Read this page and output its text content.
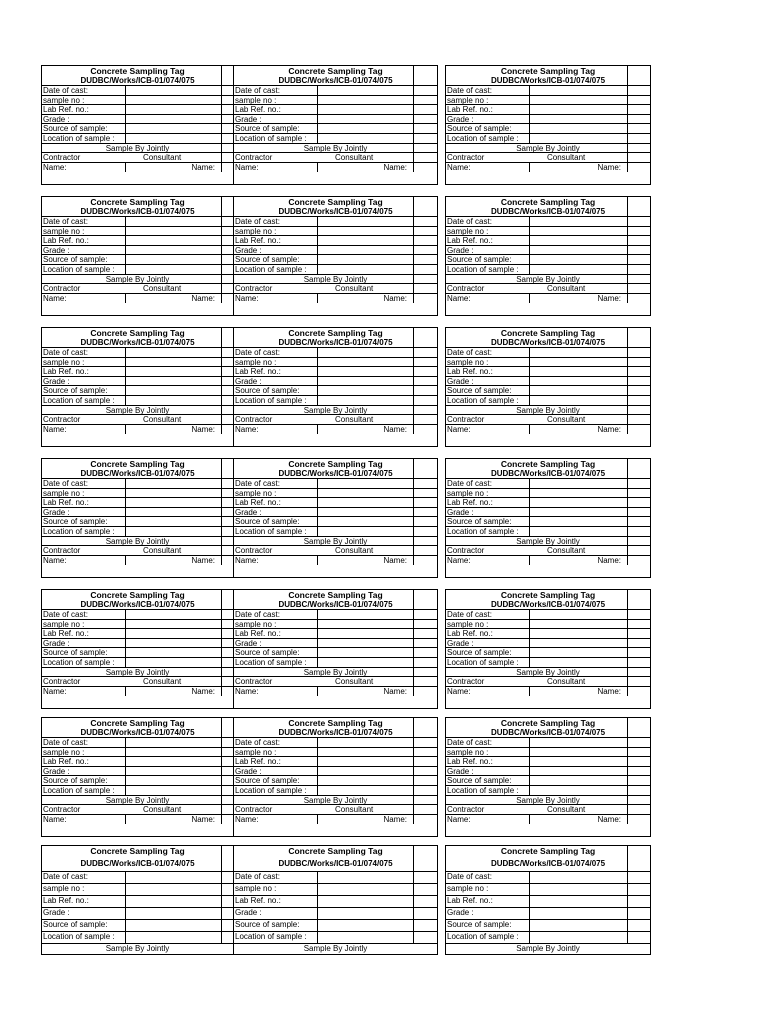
Concrete Sampling Tag
DUDBC/Works/ICB-01/074/075
Date of cast:
sample no :
Lab Ref. no.:
Grade :
Source of sample:
Location of sample :
Sample By Jointly
Contractor	Consultant
Name:	Name:
Concrete Sampling Tag
DUDBC/Works/ICB-01/074/075
Date of cast:
sample no :
Lab Ref. no.:
Grade :
Source of sample:
Location of sample :
Sample By Jointly
Contractor	Consultant
Name:	Name:
Concrete Sampling Tag
DUDBC/Works/ICB-01/074/075
Date of cast:
sample no :
Lab Ref. no.:
Grade :
Source of sample:
Location of sample :
Sample By Jointly
Contractor	Consultant
Name:	Name:
Concrete Sampling Tag
DUDBC/Works/ICB-01/074/075
Date of cast:
sample no :
Lab Ref. no.:
Grade :
Source of sample:
Location of sample :
Sample By Jointly
Contractor	Consultant
Name:	Name:
Concrete Sampling Tag
DUDBC/Works/ICB-01/074/075
Date of cast:
sample no :
Lab Ref. no.:
Grade :
Source of sample:
Location of sample :
Sample By Jointly
Contractor	Consultant
Name:	Name:
Concrete Sampling Tag
DUDBC/Works/ICB-01/074/075
Date of cast:
sample no :
Lab Ref. no.:
Grade :
Source of sample:
Location of sample :
Sample By Jointly
Contractor	Consultant
Name:	Name:
Concrete Sampling Tag
DUDBC/Works/ICB-01/074/075
Date of cast:
sample no :
Lab Ref. no.:
Grade :
Source of sample:
Location of sample :
Sample By Jointly
Contractor	Consultant
Name:	Name:
Concrete Sampling Tag
DUDBC/Works/ICB-01/074/075
Date of cast:
sample no :
Lab Ref. no.:
Grade :
Source of sample:
Location of sample :
Sample By Jointly
Contractor	Consultant
Name:	Name:
Concrete Sampling Tag
DUDBC/Works/ICB-01/074/075
Date of cast:
sample no :
Lab Ref. no.:
Grade :
Source of sample:
Location of sample :
Sample By Jointly
Contractor	Consultant
Name:	Name:
Concrete Sampling Tag
DUDBC/Works/ICB-01/074/075
Date of cast:
sample no :
Lab Ref. no.:
Grade :
Source of sample:
Location of sample :
Sample By Jointly
Contractor	Consultant
Name:	Name:
Concrete Sampling Tag
DUDBC/Works/ICB-01/074/075
Date of cast:
sample no :
Lab Ref. no.:
Grade :
Source of sample:
Location of sample :
Sample By Jointly
Contractor	Consultant
Name:	Name:
Concrete Sampling Tag
DUDBC/Works/ICB-01/074/075
Date of cast:
sample no :
Lab Ref. no.:
Grade :
Source of sample:
Location of sample :
Sample By Jointly
Contractor	Consultant
Name:	Name:
Concrete Sampling Tag
DUDBC/Works/ICB-01/074/075
Date of cast:
sample no :
Lab Ref. no.:
Grade :
Source of sample:
Location of sample :
Sample By Jointly
Contractor	Consultant
Name:	Name:
Concrete Sampling Tag
DUDBC/Works/ICB-01/074/075
Date of cast:
sample no :
Lab Ref. no.:
Grade :
Source of sample:
Location of sample :
Sample By Jointly
Contractor	Consultant
Name:	Name:
Concrete Sampling Tag
DUDBC/Works/ICB-01/074/075
Date of cast:
sample no :
Lab Ref. no.:
Grade :
Source of sample:
Location of sample :
Sample By Jointly
Contractor	Consultant
Name:	Name:
Concrete Sampling Tag
DUDBC/Works/ICB-01/074/075
Date of cast:
sample no :
Lab Ref. no.:
Grade :
Source of sample:
Location of sample :
Sample By Jointly
Contractor	Consultant
Name:	Name:
Concrete Sampling Tag
DUDBC/Works/ICB-01/074/075
Date of cast:
sample no :
Lab Ref. no.:
Grade :
Source of sample:
Location of sample :
Sample By Jointly
Contractor	Consultant
Name:	Name:
Concrete Sampling Tag
DUDBC/Works/ICB-01/074/075
Date of cast:
sample no :
Lab Ref. no.:
Grade :
Source of sample:
Location of sample :
Sample By Jointly
Contractor	Consultant
Name:	Name:
Concrete Sampling Tag
DUDBC/Works/ICB-01/074/075
Date of cast:
sample no :
Lab Ref. no.:
Grade :
Source of sample:
Location of sample :
Sample By Jointly
Concrete Sampling Tag
DUDBC/Works/ICB-01/074/075
Date of cast:
sample no :
Lab Ref. no.:
Grade :
Source of sample:
Location of sample :
Sample By Jointly
Concrete Sampling Tag
DUDBC/Works/ICB-01/074/075
Date of cast:
sample no :
Lab Ref. no.:
Grade :
Source of sample:
Location of sample :
Sample By Jointly
